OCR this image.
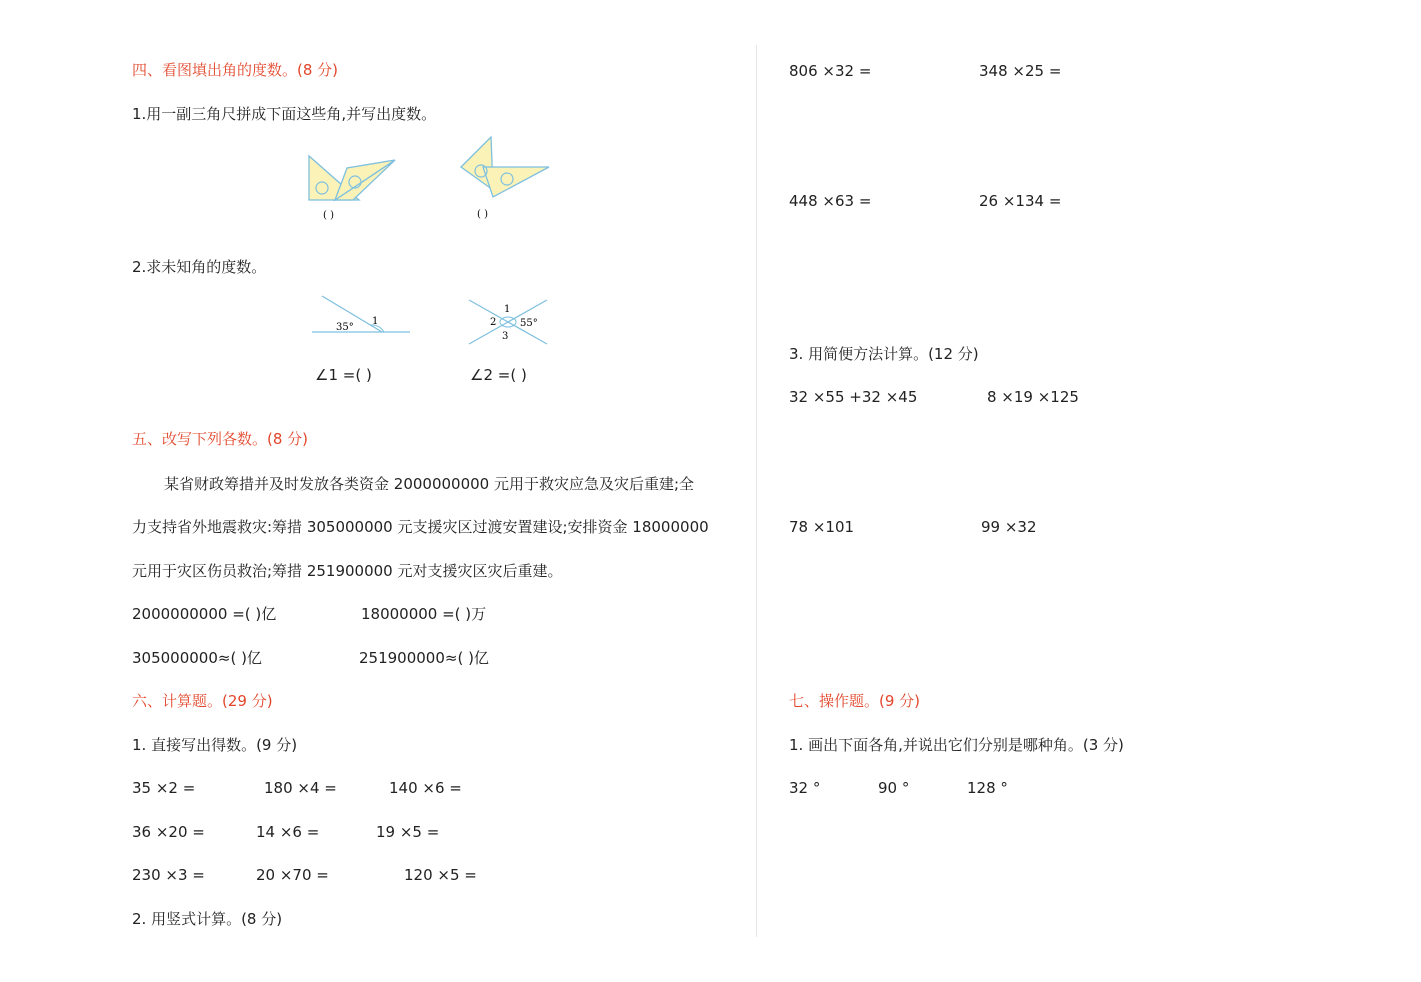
四、看图填出角的度数。(8 分)
1.用一副三角尺拼成下面这些角,并写出度数。
( )	( )
2.求未知角的度数。
35°
1
1
2 55°
3
∠1 =( )	∠2 =( )
五、改写下列各数。(8 分)
某省财政筹措并及时发放各类资金 2000000000 元用于救灾应急及灾后重建;全
力支持省外地震救灾:筹措 305000000 元支援灾区过渡安置建设;安排资金 18000000
元用于灾区伤员救治;筹措 251900000 元对支援灾区灾后重建。
2000000000 =( )亿	18000000 =( )万
305000000≈( )亿	251900000≈( )亿
六、计算题。(29 分)
1. 直接写出得数。(9 分)
35 ×2 =	180 ×4 =	140 ×6 =
36 ×20 =	14 ×6 =	19 ×5 =
230 ×3 =	20 ×70 =	120 ×5 =
2. 用竖式计算。(8 分)
806 ×32 =	348 ×25 =
448 ×63 =	26 ×134 =
3. 用简便方法计算。(12 分)
32 ×55 +32 ×45	8 ×19 ×125
78 ×101	99 ×32
七、操作题。(9 分)
1. 画出下面各角,并说出它们分别是哪种角。(3 分)
32 °	90 °	128 °
